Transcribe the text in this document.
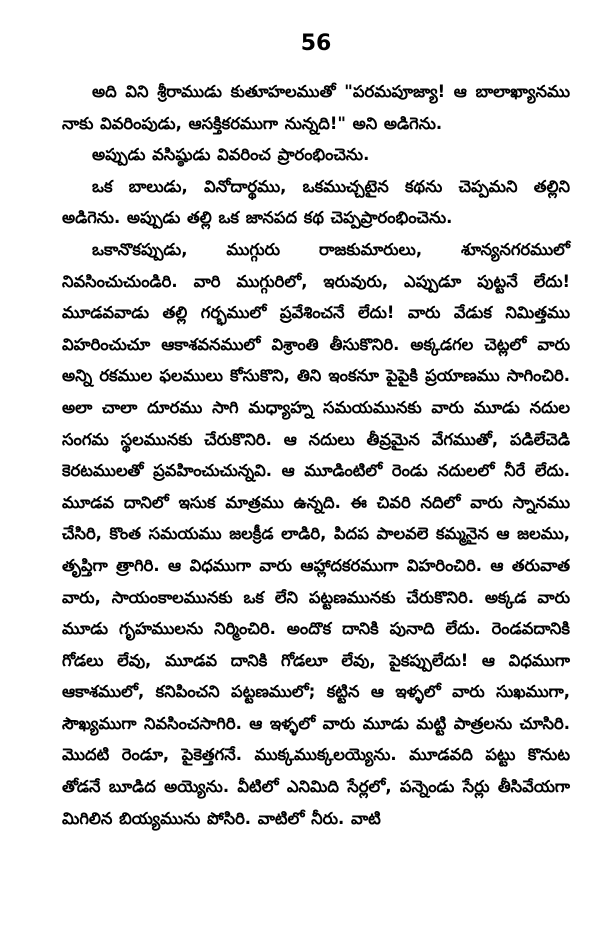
56

అది విని శ్రీరాముడు కుతూహలముతో "పరమపూజ్యా! ఆ బాలాఖ్యానము నాకు వివరింపుడు, ఆసక్తికరముగా నున్నది!" అని అడిగెను.

అప్పుడు వసిష్ఠుడు వివరించ ప్రారంభించెను.

ఒక బాలుడు, వినోదార్థము, ఒకముచ్చటైన కథను చెప్పమని తల్లిని అడిగెను. అప్పుడు తల్లి ఒక జానపద కథ చెప్పప్రారంభించెను.

ఒకానొకప్పుడు, ముగ్గురు రాజకుమారులు, శూన్యనగరములో నివసించుచుండిరి. వారి ముగ్గురిలో, ఇరువురు, ఎప్పుడూ పుట్టనే లేదు! మూడవవాడు తల్లి గర్భములో ప్రవేశించనే లేదు! వారు వేడుక నిమిత్తము విహరించుచూ ఆకాశవనములో విశ్రాంతి తీసుకొనిరి. అక్కడగల చెట్లలో వారు అన్ని రకముల ఫలములు కోసుకొని, తిని ఇంకనూ పైపైకి ప్రయాణము సాగించిరి. అలా చాలా దూరము సాగి మధ్యాహ్న సమయమునకు వారు మూడు నదుల సంగమ స్థలమునకు చేరుకొనిరి. ఆ నదులు తీవ్రమైన వేగముతో, పడిలేచెడి కెరటములతో ప్రవహించుచున్నవి. ఆ మూడింటిలో రెండు నదులలో నీరే లేదు. మూడవ దానిలో ఇసుక మాత్రము ఉన్నది. ఈ చివరి నదిలో వారు స్నానము చేసిరి, కొంత సమయము జలక్రీడ లాడిరి, పిదప పాలవలె కమ్మనైన ఆ జలము, తృప్తిగా త్రాగిరి. ఆ విధముగా వారు ఆహ్లాదకరముగా విహరించిరి. ఆ తరువాత వారు, సాయంకాలమునకు ఒక లేని పట్టణమునకు చేరుకొనిరి. అక్కడ వారు మూడు గృహములను నిర్మించిరి. అందొక దానికి పునాది లేదు. రెండవదానికి గోడలు లేవు, మూడవ దానికి గోడలూ లేవు, పైకప్పులేదు! ఆ విధముగా ఆకాశములో, కనిపించని పట్టణములో; కట్టిన ఆ ఇళ్ళలో వారు సుఖముగా, సౌఖ్యముగా నివసించసాగిరి. ఆ ఇళ్ళలో వారు మూడు మట్టి పాత్రలను చూసిరి. మొదటి రెండూ, పైకెత్తగనే. ముక్కముక్కలయ్యెను. మూడవది పట్టు కొనుట తోడనే బూడిద అయ్యెను. వీటిలో ఎనిమిది సేర్లలో, పన్నెండు సేర్లు తీసివేయగా మిగిలిన బియ్యమును పోసిరి. వాటిలో నీరు. వాటి
